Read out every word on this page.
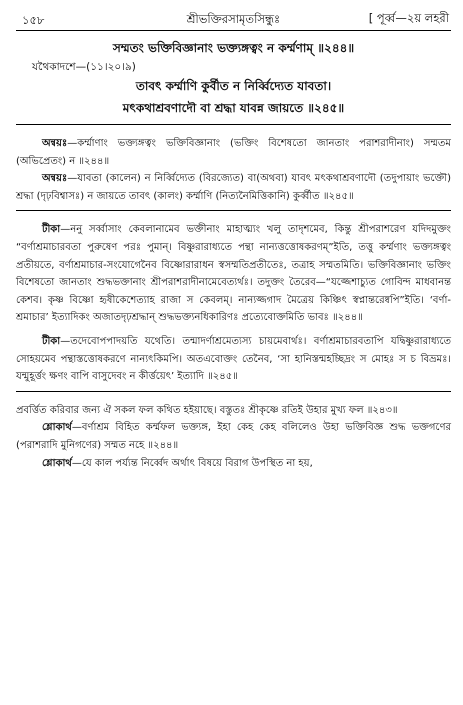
১৫৮	শ্রীভক্তিরসামৃতসিন্ধুঃ	[ পূর্ব্ব—২য় লহরী
সম্মতং ভক্তিবিজ্ঞানাং ভক্ত্যঙ্গত্বং ন কর্ম্মণাম্‌ ॥২৪৪॥
যথৈকাদশে—(১১।২০।৯)
তাবৎ কর্ম্মাণি কুর্বীত ন নির্ব্বিদ্যেত যাবতা।
মৎকথাশ্রবণাদৌ বা শ্রদ্ধা যাবন্ন জায়তে ॥২৪৫॥

অন্বয়ঃ—কর্ম্মাণাং ভক্ত্যঙ্গত্বং ভক্তিবিজ্ঞানাং (ভক্তিং বিশেষতো জানতাং পরাশরাদীনাং) সম্মতম (অভিপ্রেতং) ন ॥২৪৪॥

অন্বয়ঃ—যাবতা (কালেন) ন নির্ব্বিদ্যেত (বিরজ্যেত) বা(অথবা) যাবৎ মৎকথাশ্রবণাদৌ (তদুপায়াং ভক্তৌ) শ্রদ্ধা (দৃঢ়বিশ্বাসঃ) ন জায়তে তাবৎ (কালং) কর্ম্মাণি (নিত্যনৈমিত্তিকানি) কুর্ব্বীত ॥২৪৫॥

টীকা—ননু সর্ব্বাসাং কেবলানামেব ভক্তীনাং মাহাত্ম্যং খলু তাদৃশমেব, কিন্তু শ্রীপরাশরেণ যদিদমুক্তং “বর্ণাশ্রমাচারবতা পুরুষেণ পরঃ পুমান্‌। বিষ্ণুরারাধ্যতে পন্থা নান্যত্তত্তোষকরণম্‌”ইতি, তত্তু কর্ম্মণাং ভক্ত্যঙ্গত্বং প্রতীয়তে, বর্ণাশ্রমাচার-সংযোগেনৈব বিষ্ণোরারাধন স্বসম্মতিপ্রতীতেঃ, তত্রাহ সম্মতমিতি। ভক্তিবিজ্ঞানাং ভক্তিং বিশেষতো জানতাং শুদ্ধভক্তানাং শ্রীপরাশরাদীনামেবেত্যর্থঃ। তদুক্তং তৈরেব—“যজ্জেশাচ্যুত গোবিন্দ মাধবানন্ত কেশব। কৃষ্ণ বিষ্ণো হৃষীকেশেত্যাহ রাজা স কেবলম্‌। নান্যজ্জগাদ মৈত্রেয় কিঞ্চিৎ স্বপ্নান্তরেষ্বপি”ইতি। ‘বর্ণা-শ্রমাচার’ ইত্যাদিকং অজাতদৃঢ়শ্রদ্ধান্‌ শুদ্ধভক্ত্যনধিকারিণঃ প্রত্যেবোক্তমিতি ভাবঃ ॥২৪৪॥

টীকা—তদেবোপপাদয়তি যথেতি। তন্মাদর্ণাশ্রমেত্যস্য চায়মেবার্থঃ। বর্ণাশ্রমাচারবতাপি যদ্বিষ্ণুরারাধ্যতে সোহয়মেব পন্থাস্তত্তোষকরণে নান্যৎকিমপি। অতএবোক্তং তেনৈব, ‘সা হানিস্তন্মহচ্ছিদ্রং স মোহঃ স চ বিভ্রমঃ। যন্মুহূর্ত্তং ক্ষণং বাপি বাসুদেবং ন কীর্ত্তয়েৎ’ ইত্যাদি ॥২৪৫॥

প্রবর্ত্তিত করিবার জন্য ঐ সকল ফল কথিত হইয়াছে। বস্তুতঃ শ্রীকৃষ্ণে রতিই উহার মুখ্য ফল ॥২৪৩॥

শ্লোকার্থ—বর্ণাশ্রম বিহিত কর্ম্মফল ভক্ত্যঙ্গ, ইহা কেহ কেহ বলিলেও উহা ভক্তিবিজ্ঞ শুদ্ধ ভক্তগণের (পরাশরাদি মুনিগণের) সম্মত নহে ॥২৪৪॥

শ্লোকার্থ—যে কাল পর্য্যন্ত নির্ব্বেদ অর্থাৎ বিষয়ে বিরাগ উপস্থিত না হয়,
